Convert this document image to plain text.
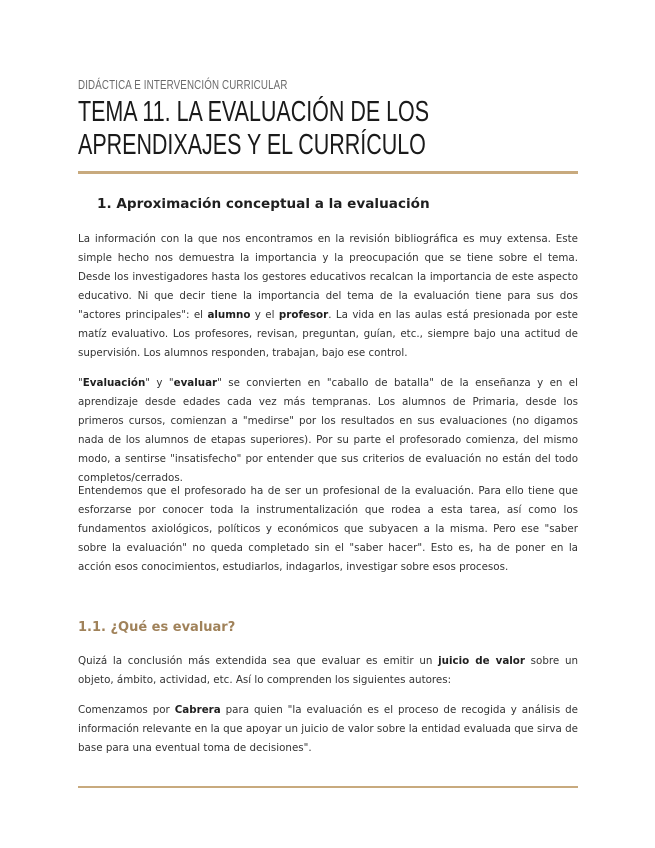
DIDÁCTICA E INTERVENCIÓN CURRICULAR
TEMA 11. LA EVALUACIÓN DE LOS APRENDIXAJES Y EL CURRÍCULO
1. Aproximación conceptual a la evaluación

La información con la que nos encontramos en la revisión bibliográfica es muy extensa. Este simple hecho nos demuestra la importancia y la preocupación que se tiene sobre el tema. Desde los investigadores hasta los gestores educativos recalcan la importancia de este aspecto educativo. Ni que decir tiene la importancia del tema de la evaluación tiene para sus dos "actores principales": el alumno y el profesor. La vida en las aulas está presionada por este matíz evaluativo. Los profesores, revisan, preguntan, guían, etc., siempre bajo una actitud de supervisión. Los alumnos responden, trabajan, bajo ese control.

"Evaluación" y "evaluar" se convierten en "caballo de batalla" de la enseñanza y en el aprendizaje desde edades cada vez más tempranas. Los alumnos de Primaria, desde los primeros cursos, comienzan a "medirse" por los resultados en sus evaluaciones (no digamos nada de los alumnos de etapas superiores). Por su parte el profesorado comienza, del mismo modo, a sentirse "insatisfecho" por entender que sus criterios de evaluación no están del todo completos/cerrados.

Entendemos que el profesorado ha de ser un profesional de la evaluación. Para ello tiene que esforzarse por conocer toda la instrumentalización que rodea a esta tarea, así como los fundamentos axiológicos, políticos y económicos que subyacen a la misma. Pero ese "saber sobre la evaluación" no queda completado sin el "saber hacer". Esto es, ha de poner en la acción esos conocimientos, estudiarlos, indagarlos, investigar sobre esos procesos.

1.1. ¿Qué es evaluar?

Quizá la conclusión más extendida sea que evaluar es emitir un juicio de valor sobre un objeto, ámbito, actividad, etc. Así lo comprenden los siguientes autores:

Comenzamos por Cabrera para quien "la evaluación es el proceso de recogida y análisis de información relevante en la que apoyar un juicio de valor sobre la entidad evaluada que sirva de base para una eventual toma de decisiones".
